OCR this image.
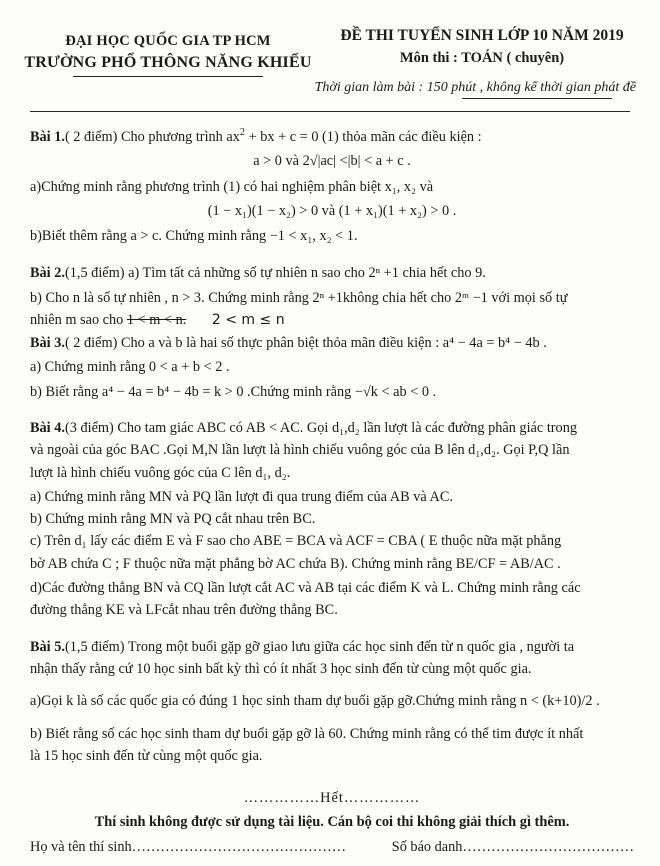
ĐẠI HỌC QUỐC GIA TP HCM
TRƯỜNG PHỔ THÔNG NĂNG KHIẾU
ĐỀ THI TUYỂN SINH LỚP 10 NĂM 2019
Môn thi : TOÁN ( chuyên)
Thời gian làm bài : 150 phút , không kể thời gian phát đề
Bài 1.( 2 điểm) Cho phương trình $ax^2$ + bx + c = 0 (1) thỏa mãn các điều kiện :
a > 0 và 2√|ac| <|b| < a + c .
a)Chứng minh rằng phương trình (1) có hai nghiệm phân biệt x₁, x₂ và
(1 − x₁)(1 − x₂) > 0 và (1 + x₁)(1 + x₂) > 0 .
b)Biết thêm rằng a > c. Chứng minh rằng −1 < x₁, x₂ < 1.
Bài 2.(1,5 điểm) a) Tìm tất cả những số tự nhiên n sao cho 2ⁿ +1 chia hết cho 9.
b) Cho n là số tự nhiên , n > 3. Chứng minh rằng 2ⁿ +1không chia hết cho 2ᵐ −1 với mọi số tự
nhiên m sao cho 1 < m < n. 2 < m ≤ n
Bài 3.( 2 điểm) Cho a và b là hai số thực phân biệt thỏa mãn điều kiện : a⁴ − 4a = b⁴ − 4b .
a) Chứng minh rằng 0 < a + b < 2 .
b) Biết rằng a⁴ − 4a = b⁴ − 4b = k > 0 .Chứng minh rằng −√k < ab < 0 .
Bài 4.(3 điểm) Cho tam giác ABC có AB < AC. Gọi d₁,d₂ lần lượt là các đường phân giác trong
và ngoài của góc BAC .Gọi M,N lần lượt là hình chiếu vuông góc của B lên d₁,d₂. Gọi P,Q lần
lượt là hình chiếu vuông góc của C lên d₁, d₂.
a) Chứng minh rằng MN và PQ lần lượt đi qua trung điểm của AB và AC.
b) Chứng minh rằng MN và PQ cắt nhau trên BC.
c) Trên d₁ lấy các điểm E và F sao cho ABE = BCA và ACF = CBA ( E thuộc nữa mặt phẳng
bờ AB chứa C ; F thuộc nữa mặt phẳng bờ AC chứa B). Chứng minh rằng BE/CF = AB/AC .
d)Các đường thẳng BN và CQ lần lượt cắt AC và AB tại các điểm K và L. Chứng minh rằng các
đường thẳng KE và LFcắt nhau trên đường thẳng BC.
Bài 5.(1,5 điểm) Trong một buổi gặp gỡ giao lưu giữa các học sinh đến từ n quốc gia , người ta
nhận thấy rằng cứ 10 học sinh bất kỳ thì có ít nhất 3 học sinh đến từ cùng một quốc gia.
a)Gọi k là số các quốc gia có đúng 1 học sinh tham dự buổi gặp gỡ.Chứng minh rằng n < (k+10)/2 .
b) Biết rằng số các học sinh tham dự buổi gặp gỡ là 60. Chứng minh rằng có thể tim được ít nhất
là 15 học sinh đến từ cùng một quốc gia.
……………Hết……………
Thí sinh không được sử dụng tài liệu. Cán bộ coi thi không giải thích gì thêm.
Họ và tên thí sinh………………………………………	Số báo danh………………………………
